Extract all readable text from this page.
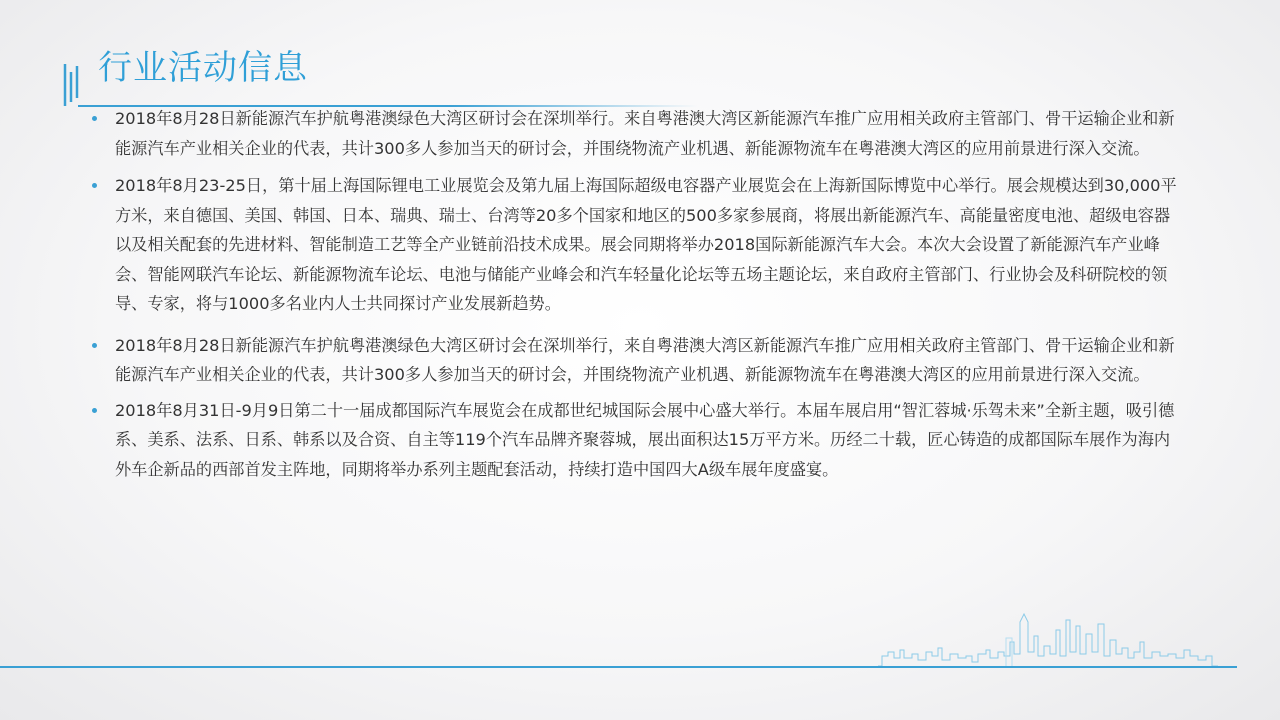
行业活动信息
2018年8月28日新能源汽车护航粤港澳绿色大湾区研讨会在深圳举行。来自粤港澳大湾区新能源汽车推广应用相关政府主管部门、骨干运输企业和新能源汽车产业相关企业的代表，共计300多人参加当天的研讨会，并围绕物流产业机遇、新能源物流车在粤港澳大湾区的应用前景进行深入交流。
2018年8月23-25日，第十届上海国际锂电工业展览会及第九届上海国际超级电容器产业展览会在上海新国际博览中心举行。展会规模达到30,000平方米，来自德国、美国、韩国、日本、瑞典、瑞士、台湾等20多个国家和地区的500多家参展商，将展出新能源汽车、高能量密度电池、超级电容器以及相关配套的先进材料、智能制造工艺等全产业链前沿技术成果。展会同期将举办2018国际新能源汽车大会。本次大会设置了新能源汽车产业峰会、智能网联汽车论坛、新能源物流车论坛、电池与储能产业峰会和汽车轻量化论坛等五场主题论坛，来自政府主管部门、行业协会及科研院校的领导、专家，将与1000多名业内人士共同探讨产业发展新趋势。
2018年8月28日新能源汽车护航粤港澳绿色大湾区研讨会在深圳举行，来自粤港澳大湾区新能源汽车推广应用相关政府主管部门、骨干运输企业和新能源汽车产业相关企业的代表，共计300多人参加当天的研讨会，并围绕物流产业机遇、新能源物流车在粤港澳大湾区的应用前景进行深入交流。
2018年8月31日-9月9日第二十一届成都国际汽车展览会在成都世纪城国际会展中心盛大举行。本届车展启用“智汇蓉城·乐驾未来”全新主题，吸引德系、美系、法系、日系、韩系以及合资、自主等119个汽车品牌齐聚蓉城，展出面积达15万平方米。历经二十载，匠心铸造的成都国际车展作为海内外车企新品的西部首发主阵地，同期将举办系列主题配套活动，持续打造中国四大A级车展年度盛宴。
